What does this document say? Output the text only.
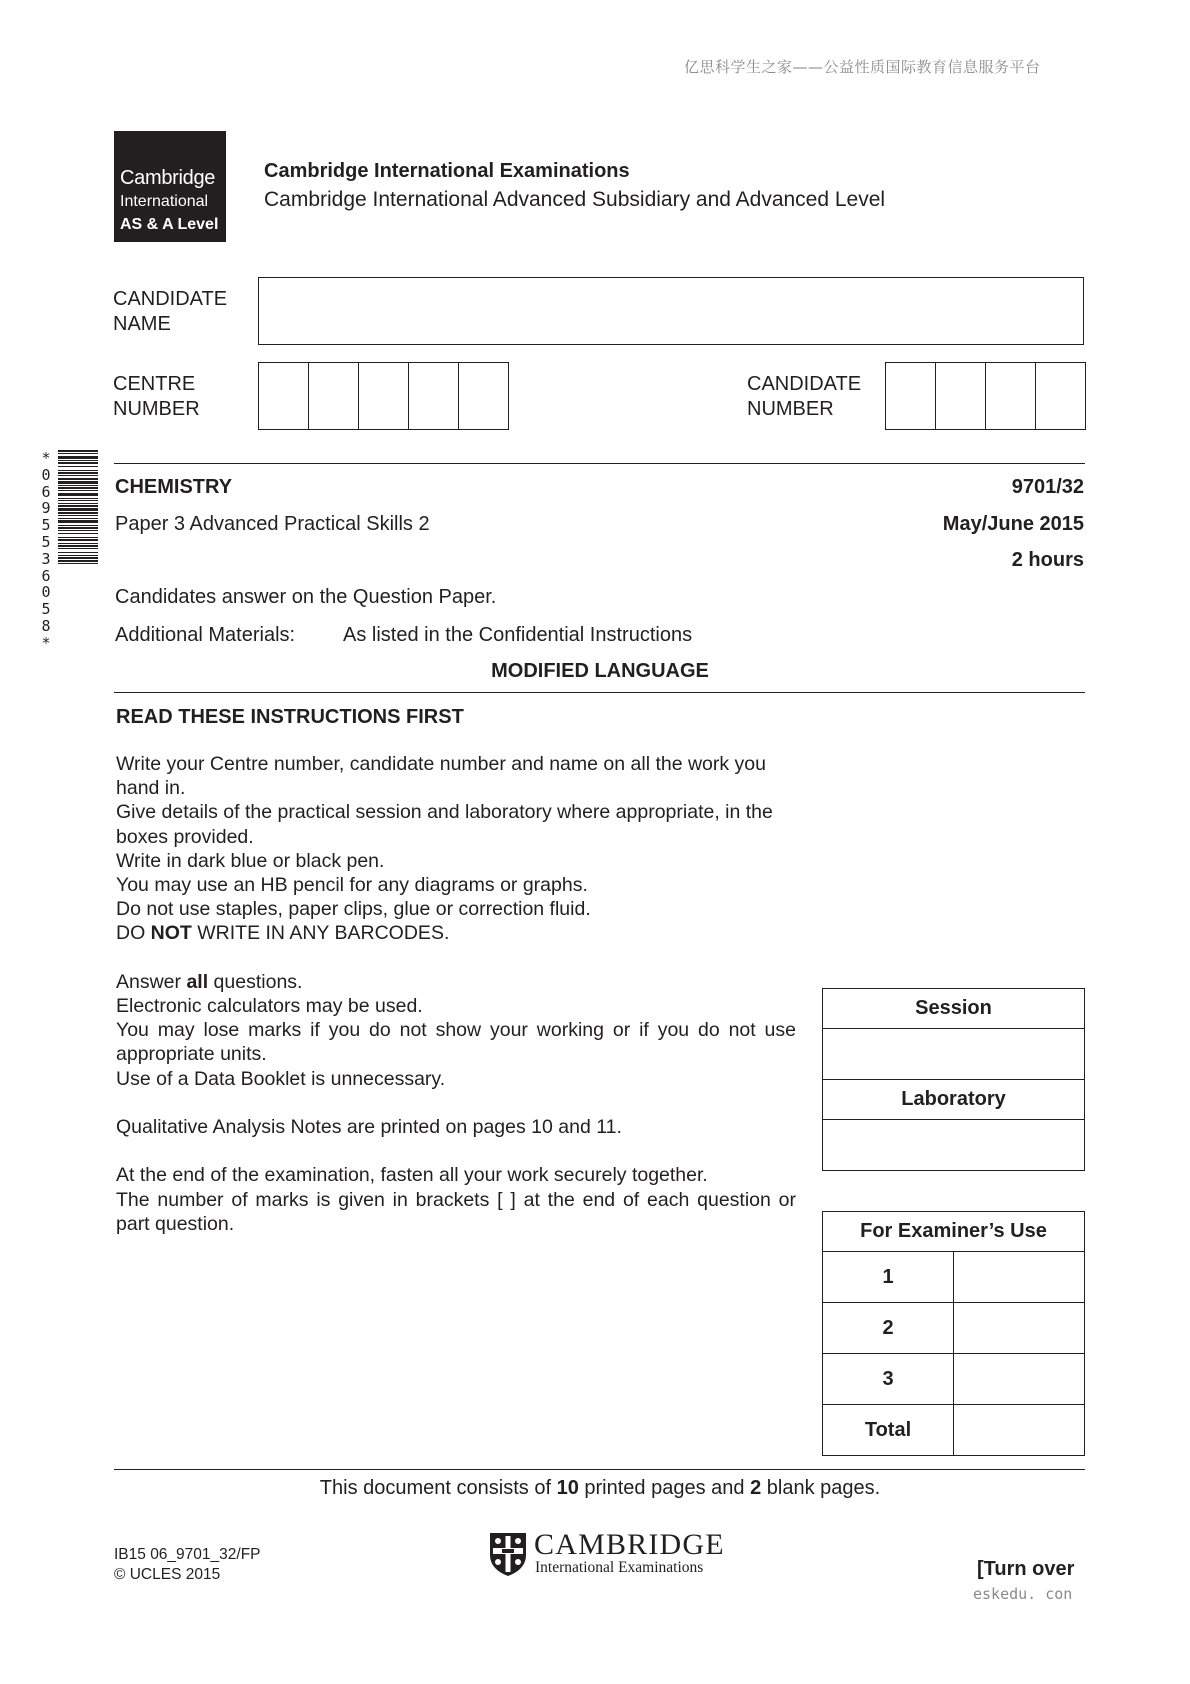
亿思科学生之家——公益性质国际教育信息服务平台
Cambridge
International
AS & A Level
Cambridge International Examinations
Cambridge International Advanced Subsidiary and Advanced Level
CANDIDATE
NAME
CENTRE
NUMBER
CANDIDATE
NUMBER
*
0
6
9
5
5
3
6
0
5
8
*
CHEMISTRY	9701/32
Paper 3 Advanced Practical Skills 2	May/June 2015
2 hours
Candidates answer on the Question Paper.
Additional Materials: As listed in the Confidential Instructions
MODIFIED LANGUAGE
READ THESE INSTRUCTIONS FIRST

Write your Centre number, candidate number and name on all the work you hand in.

Give details of the practical session and laboratory where appropriate, in the boxes provided.

Write in dark blue or black pen.

You may use an HB pencil for any diagrams or graphs.

Do not use staples, paper clips, glue or correction fluid.

DO NOT WRITE IN ANY BARCODES.

Answer all questions.

Electronic calculators may be used.

You may lose marks if you do not show your working or if you do not use

appropriate units.

Use of a Data Booklet is unnecessary.

Qualitative Analysis Notes are printed on pages 10 and 11.

At the end of the examination, fasten all your work securely together.

The number of marks is given in brackets [ ] at the end of each question or

part question.

Session

Laboratory

For Examiner’s Use	
1	
2	
3	
Total	
This document consists of 10 printed pages and 2 blank pages.
IB15 06_9701_32/FP
© UCLES 2015
CAMBRIDGE
International Examinations	[Turn over
eskedu. con
